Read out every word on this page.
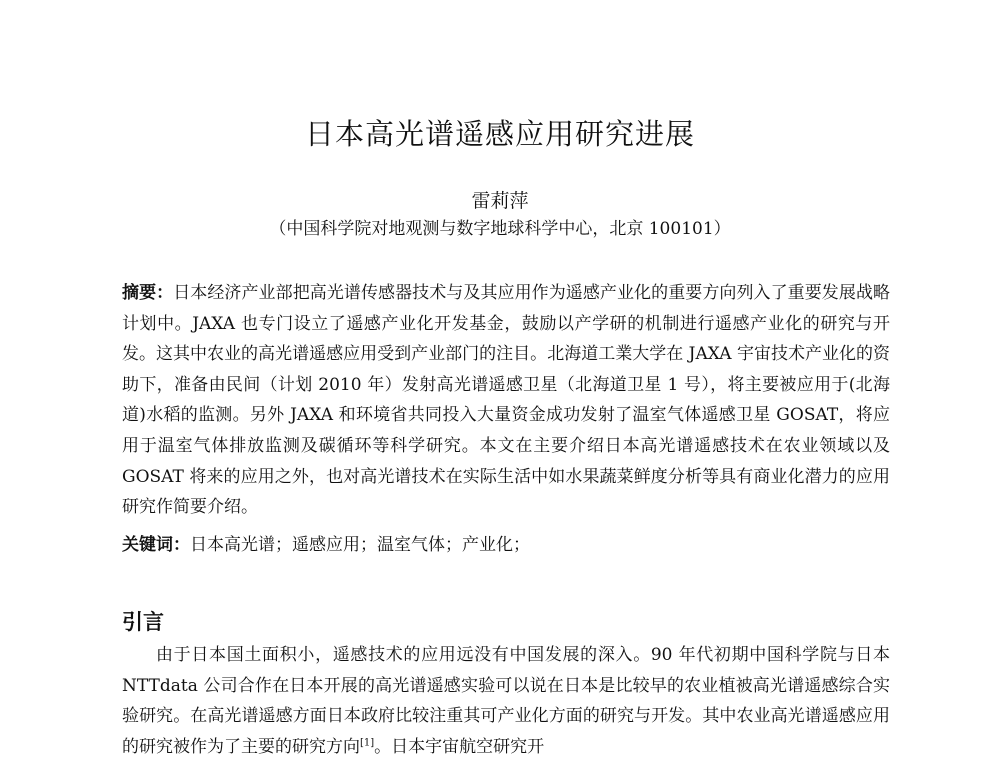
日本高光谱遥感应用研究进展

雷莉萍

（中国科学院对地观测与数字地球科学中心，北京 100101）

摘要：日本经济产业部把高光谱传感器技术与及其应用作为遥感产业化的重要方向列入了重要发展战略计划中。JAXA 也专门设立了遥感产业化开发基金，鼓励以产学研的机制进行遥感产业化的研究与开发。这其中农业的高光谱遥感应用受到产业部门的注目。北海道工業大学在 JAXA 宇宙技术产业化的资助下，准备由民间（计划 2010 年）发射高光谱遥感卫星（北海道卫星 1 号），将主要被应用于(北海道)水稻的监测。另外 JAXA 和环境省共同投入大量资金成功发射了温室气体遥感卫星 GOSAT，将应用于温室气体排放监测及碳循环等科学研究。本文在主要介绍日本高光谱遥感技术在农业领域以及 GOSAT 将来的应用之外，也对高光谱技术在实际生活中如水果蔬菜鲜度分析等具有商业化潜力的应用研究作简要介绍。

关键词：日本高光谱；遥感应用；温室气体；产业化；

引言

由于日本国土面积小，遥感技术的应用远没有中国发展的深入。90 年代初期中国科学院与日本 NTTdata 公司合作在日本开展的高光谱遥感实验可以说在日本是比较早的农业植被高光谱遥感综合实验研究。在高光谱遥感方面日本政府比较注重其可产业化方面的研究与开发。其中农业高光谱遥感应用的研究被作为了主要的研究方向[1]。日本宇宙航空研究开
